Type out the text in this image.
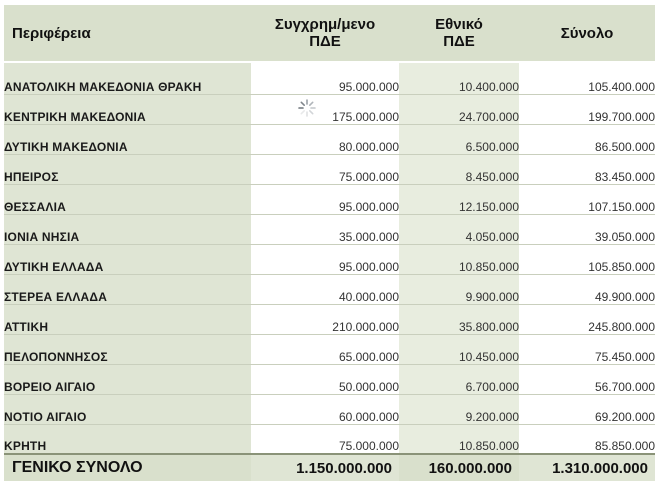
Περιφέρεια	Συγχρημ/μενο ΠΔΕ	Εθνικό ΠΔΕ	Σύνολο
ΑΝΑΤΟΛΙΚΗ ΜΑΚΕΔΟΝΙΑ ΘΡΑΚΗ	95.000.000	10.400.000	105.400.000
ΚΕΝΤΡΙΚΗ ΜΑΚΕΔΟΝΙΑ	175.000.000	24.700.000	199.700.000
ΔΥΤΙΚΗ ΜΑΚΕΔΟΝΙΑ	80.000.000	6.500.000	86.500.000
ΗΠΕΙΡΟΣ	75.000.000	8.450.000	83.450.000
ΘΕΣΣΑΛΙΑ	95.000.000	12.150.000	107.150.000
ΙΟΝΙΑ ΝΗΣΙΑ	35.000.000	4.050.000	39.050.000
ΔΥΤΙΚΗ ΕΛΛΑΔΑ	95.000.000	10.850.000	105.850.000
ΣΤΕΡΕΑ ΕΛΛΑΔΑ	40.000.000	9.900.000	49.900.000
ΑΤΤΙΚΗ	210.000.000	35.800.000	245.800.000
ΠΕΛΟΠΟΝΝΗΣΟΣ	65.000.000	10.450.000	75.450.000
ΒΟΡΕΙΟ ΑΙΓΑΙΟ	50.000.000	6.700.000	56.700.000
ΝΟΤΙΟ ΑΙΓΑΙΟ	60.000.000	9.200.000	69.200.000
ΚΡΗΤΗ	75.000.000	10.850.000	85.850.000
ΓΕΝΙΚΟ ΣΥΝΟΛΟ	1.150.000.000	160.000.000	1.310.000.000
